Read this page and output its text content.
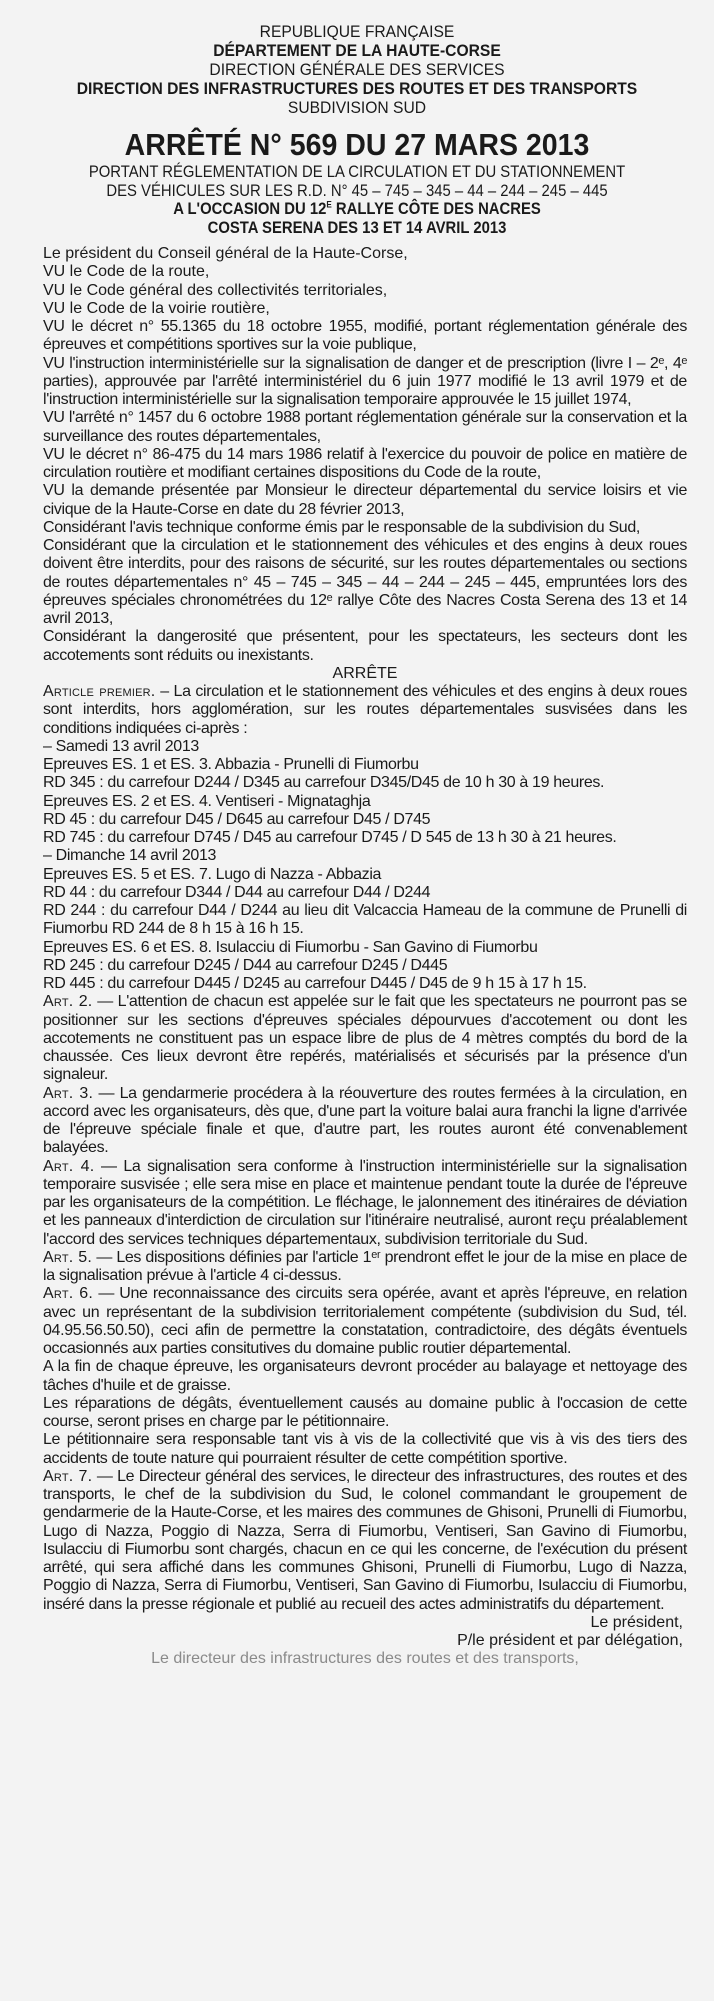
REPUBLIQUE FRANÇAISE
DÉPARTEMENT DE LA HAUTE-CORSE
DIRECTION GÉNÉRALE DES SERVICES
DIRECTION DES INFRASTRUCTURES DES ROUTES ET DES TRANSPORTS
SUBDIVISION SUD
ARRÊTÉ N° 569 DU 27 MARS 2013
PORTANT RÉGLEMENTATION DE LA CIRCULATION ET DU STATIONNEMENT
DES VÉHICULES SUR LES R.D. N° 45 – 745 – 345 – 44 – 244 – 245 – 445
A L'OCCASION DU $12^E$ RALLYE CÔTE DES NACRES
COSTA SERENA DES 13 ET 14 AVRIL 2013

Le président du Conseil général de la Haute-Corse,

VU le Code de la route,

VU le Code général des collectivités territoriales,

VU le Code de la voirie routière,

VU le décret n° 55.1365 du 18 octobre 1955, modifié, portant réglementation générale des épreuves et compétitions sportives sur la voie publique,

VU l'instruction interministérielle sur la signalisation de danger et de prescription (livre I – 2ᵉ, 4ᵉ parties), approuvée par l'arrêté interministériel du 6 juin 1977 modifié le 13 avril 1979 et de l'instruction interministérielle sur la signalisation temporaire approuvée le 15 juillet 1974,

VU l'arrêté n° 1457 du 6 octobre 1988 portant réglementation générale sur la conservation et la surveillance des routes départementales,

VU le décret n° 86-475 du 14 mars 1986 relatif à l'exercice du pouvoir de police en matière de circulation routière et modifiant certaines dispositions du Code de la route,

VU la demande présentée par Monsieur le directeur départemental du service loisirs et vie civique de la Haute-Corse en date du 28 février 2013,

Considérant l'avis technique conforme émis par le responsable de la subdivision du Sud,

Considérant que la circulation et le stationnement des véhicules et des engins à deux roues doivent être interdits, pour des raisons de sécurité, sur les routes départementales ou sections de routes départementales n° 45 – 745 – 345 – 44 – 244 – 245 – 445, empruntées lors des épreuves spéciales chronométrées du 12ᵉ rallye Côte des Nacres Costa Serena des 13 et 14 avril 2013,

Considérant la dangerosité que présentent, pour les spectateurs, les secteurs dont les accotements sont réduits ou inexistants.

ARRÊTE

Article premier. – La circulation et le stationnement des véhicules et des engins à deux roues sont interdits, hors agglomération, sur les routes départementales susvisées dans les conditions indiquées ci-après :

– Samedi 13 avril 2013

Epreuves ES. 1 et ES. 3. Abbazia - Prunelli di Fiumorbu

RD 345 : du carrefour D244 / D345 au carrefour D345/D45 de 10 h 30 à 19 heures.

Epreuves ES. 2 et ES. 4. Ventiseri - Mignataghja

RD 45 : du carrefour D45 / D645 au carrefour D45 / D745

RD 745 : du carrefour D745 / D45 au carrefour D745 / D 545 de 13 h 30 à 21 heures.

– Dimanche 14 avril 2013

Epreuves ES. 5 et ES. 7. Lugo di Nazza - Abbazia

RD 44 : du carrefour D344 / D44 au carrefour D44 / D244

RD 244 : du carrefour D44 / D244 au lieu dit Valcaccia Hameau de la commune de Prunelli di Fiumorbu RD 244 de 8 h 15 à 16 h 15.

Epreuves ES. 6 et ES. 8. Isulacciu di Fiumorbu - San Gavino di Fiumorbu

RD 245 : du carrefour D245 / D44 au carrefour D245 / D445

RD 445 : du carrefour D445 / D245 au carrefour D445 / D45 de 9 h 15 à 17 h 15.

Art. 2. — L'attention de chacun est appelée sur le fait que les spectateurs ne pourront pas se positionner sur les sections d'épreuves spéciales dépourvues d'accotement ou dont les accotements ne constituent pas un espace libre de plus de 4 mètres comptés du bord de la chaussée. Ces lieux devront être repérés, matérialisés et sécurisés par la présence d'un signaleur.

Art. 3. — La gendarmerie procédera à la réouverture des routes fermées à la circulation, en accord avec les organisateurs, dès que, d'une part la voiture balai aura franchi la ligne d'arrivée de l'épreuve spéciale finale et que, d'autre part, les routes auront été convenablement balayées.

Art. 4. — La signalisation sera conforme à l'instruction interministérielle sur la signalisation temporaire susvisée ; elle sera mise en place et maintenue pendant toute la durée de l'épreuve par les organisateurs de la compétition. Le fléchage, le jalonnement des itinéraires de déviation et les panneaux d'interdiction de circulation sur l'itinéraire neutralisé, auront reçu préalablement l'accord des services techniques départementaux, subdivision territoriale du Sud.

Art. 5. — Les dispositions définies par l'article 1ᵉʳ prendront effet le jour de la mise en place de la signalisation prévue à l'article 4 ci-dessus.

Art. 6. — Une reconnaissance des circuits sera opérée, avant et après l'épreuve, en relation avec un représentant de la subdivision territorialement compétente (subdivision du Sud, tél. 04.95.56.50.50), ceci afin de permettre la constatation, contradictoire, des dégâts éventuels occasionnés aux parties consitutives du domaine public routier départemental.

A la fin de chaque épreuve, les organisateurs devront procéder au balayage et nettoyage des tâches d'huile et de graisse.

Les réparations de dégâts, éventuellement causés au domaine public à l'occasion de cette course, seront prises en charge par le pétitionnaire.

Le pétitionnaire sera responsable tant vis à vis de la collectivité que vis à vis des tiers des accidents de toute nature qui pourraient résulter de cette compétition sportive.

Art. 7. — Le Directeur général des services, le directeur des infrastructures, des routes et des transports, le chef de la subdivision du Sud, le colonel commandant le groupement de gendarmerie de la Haute-Corse, et les maires des communes de Ghisoni, Prunelli di Fiumorbu, Lugo di Nazza, Poggio di Nazza, Serra di Fiumorbu, Ventiseri, San Gavino di Fiumorbu, Isulacciu di Fiumorbu sont chargés, chacun en ce qui les concerne, de l'exécution du présent arrêté, qui sera affiché dans les communes Ghisoni, Prunelli di Fiumorbu, Lugo di Nazza, Poggio di Nazza, Serra di Fiumorbu, Ventiseri, San Gavino di Fiumorbu, Isulacciu di Fiumorbu, inséré dans la presse régionale et publié au recueil des actes administratifs du département.

Le président,

P/le président et par délégation,

Le directeur des infrastructures des routes et des transports,
